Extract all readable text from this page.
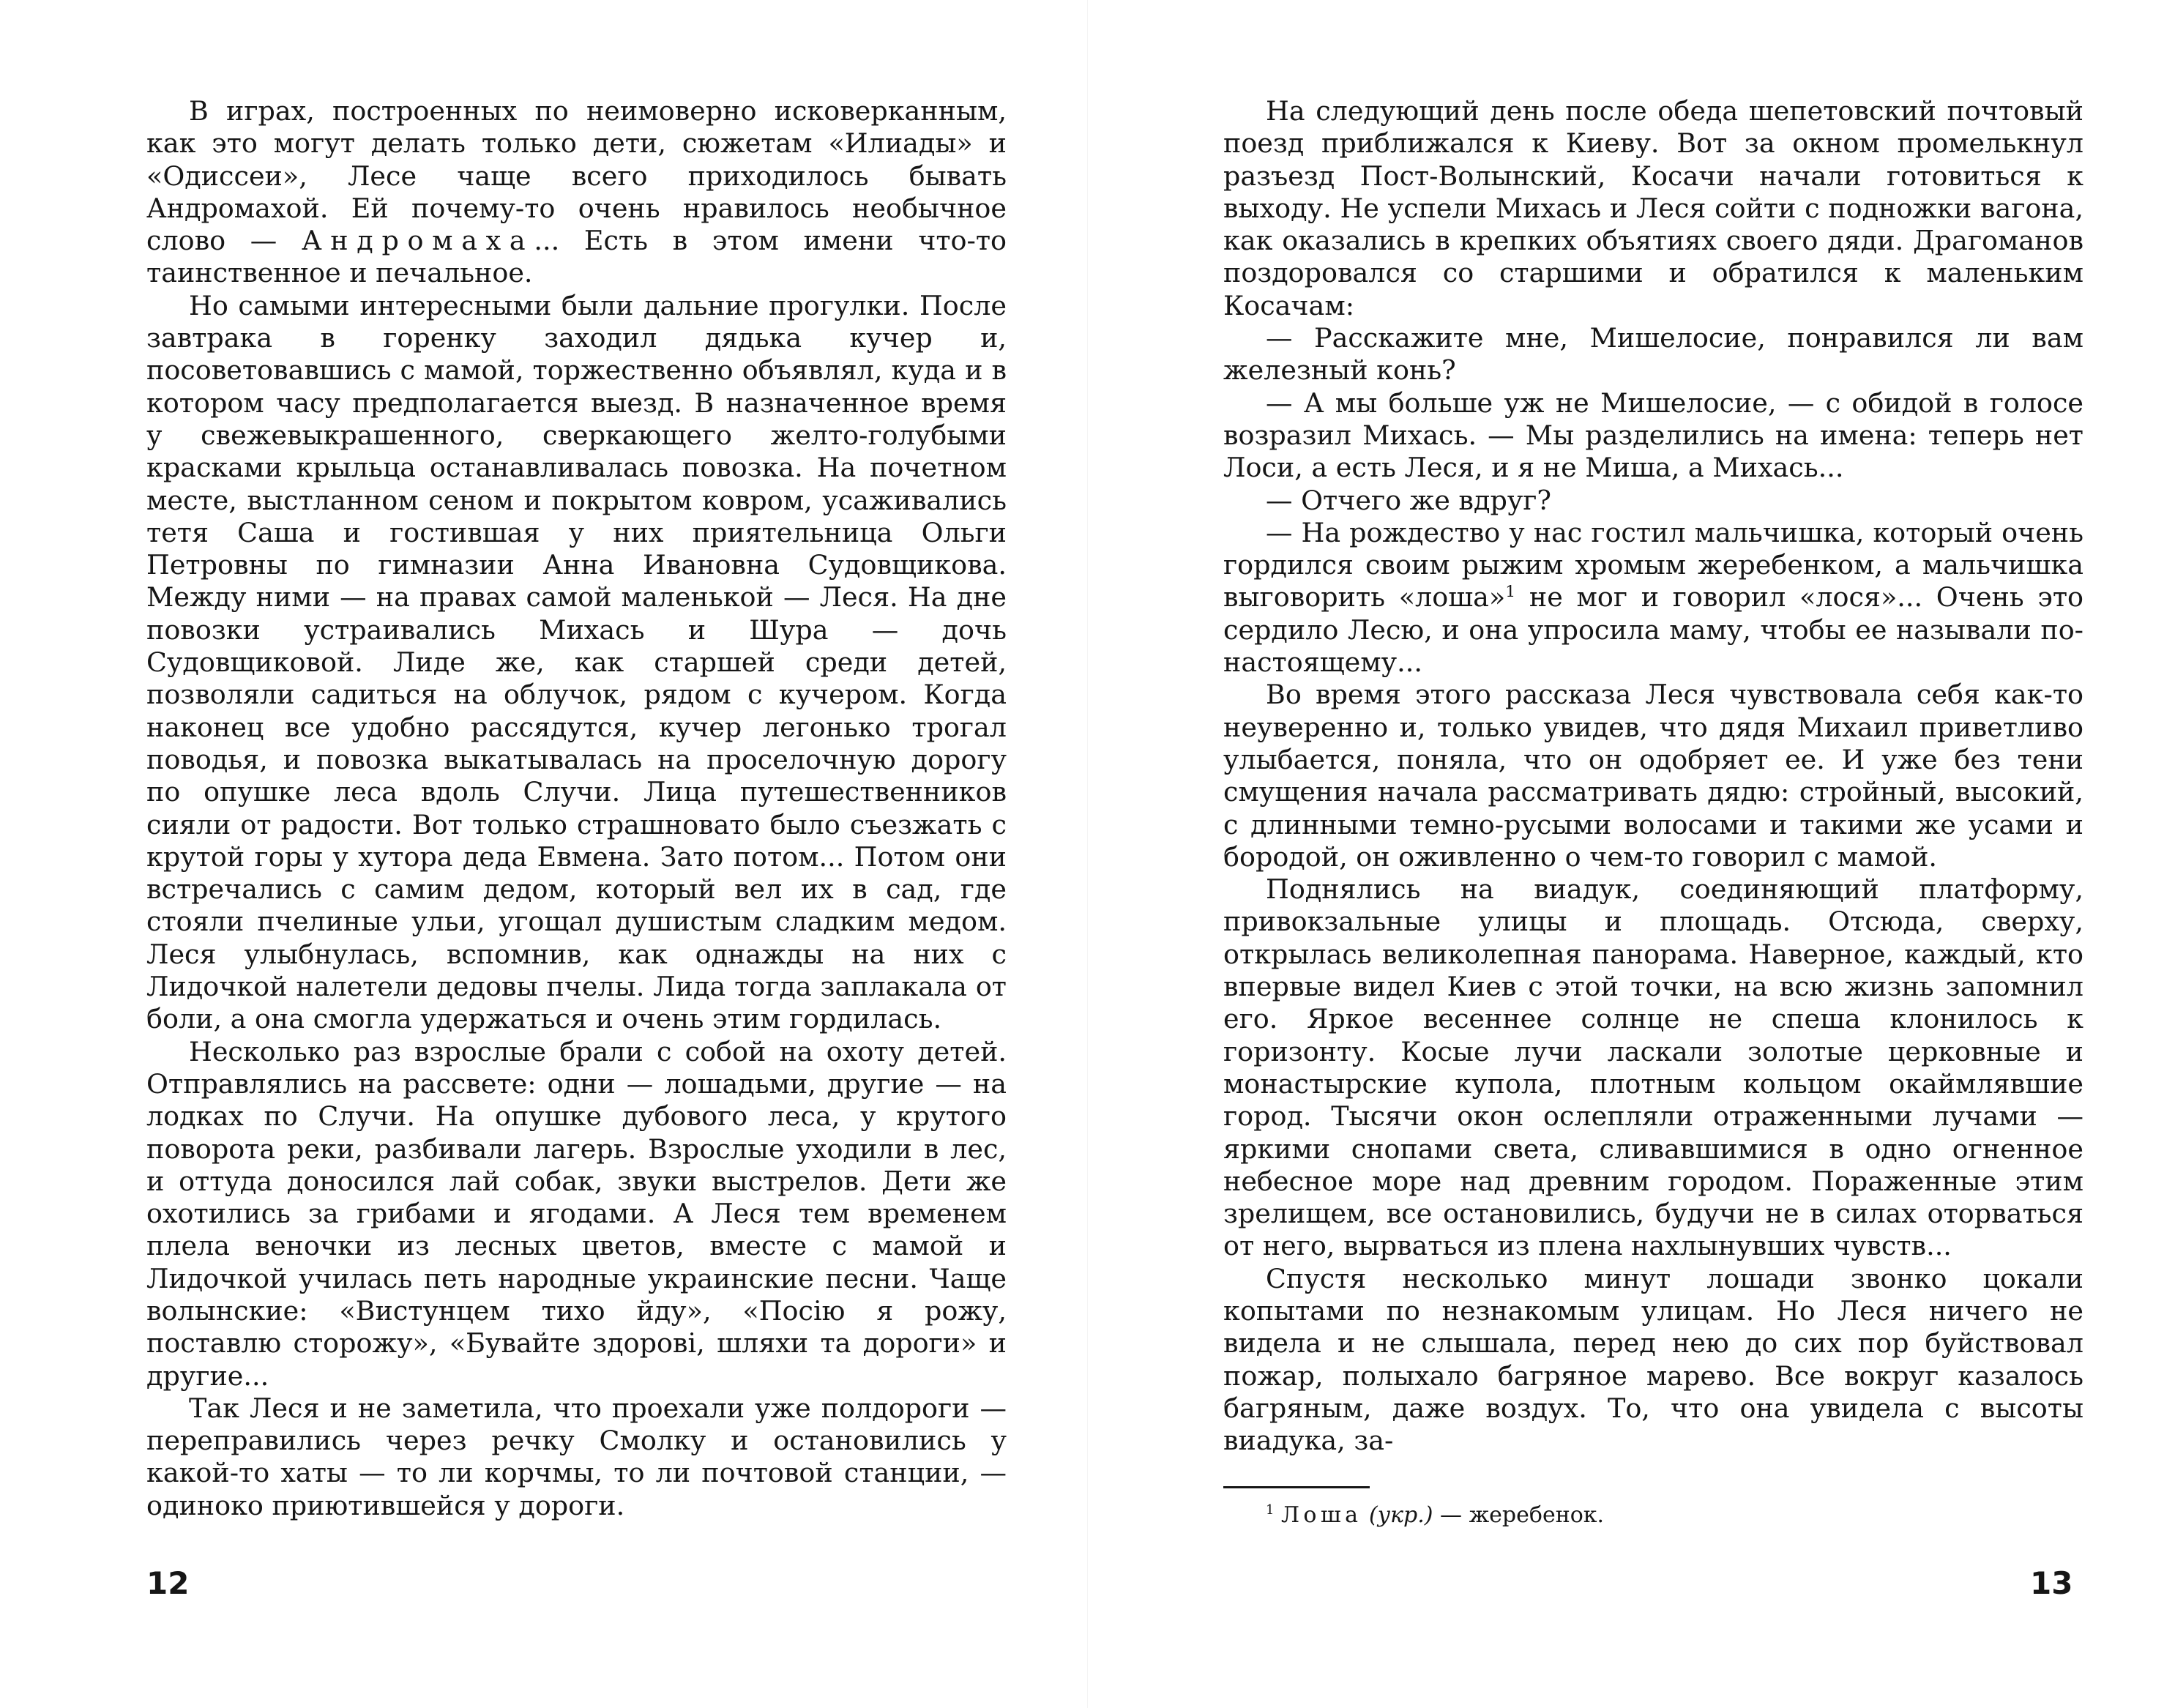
В играх, построенных по неимоверно исковерканным, как это могут делать только дети, сюжетам «Илиады» и «Одиссеи», Лесе чаще всего приходилось бывать Андромахой. Ей почему-то очень нравилось необычное слово — Андромаха... Есть в этом имени что-то таинственное и печальное.

Но самыми интересными были дальние прогулки. После завтрака в горенку заходил дядька кучер и, посоветовавшись с мамой, торжественно объявлял, куда и в котором часу предполагается выезд. В назначенное время у свежевыкрашенного, сверкающего желто-голубыми красками крыльца останавливалась повозка. На почетном месте, выстланном сеном и покрытом ковром, усаживались тетя Саша и гостившая у них приятельница Ольги Петровны по гимназии Анна Ивановна Судовщикова. Между ними — на правах самой маленькой — Леся. На дне повозки устраивались Михась и Шура — дочь Судовщиковой. Лиде же, как старшей среди детей, позволяли садиться на облучок, рядом с кучером. Когда наконец все удобно рассядутся, кучер легонько трогал поводья, и повозка выкатывалась на проселочную дорогу по опушке леса вдоль Случи. Лица путешественников сияли от радости. Вот только страшновато было съезжать с крутой горы у хутора деда Евмена. Зато потом... Потом они встречались с самим дедом, который вел их в сад, где стояли пчелиные ульи, угощал душистым сладким медом. Леся улыбнулась, вспомнив, как однажды на них с Лидочкой налетели дедовы пчелы. Лида тогда заплакала от боли, а она смогла удержаться и очень этим гордилась.

Несколько раз взрослые брали с собой на охоту детей. Отправлялись на рассвете: одни — лошадьми, другие — на лодках по Случи. На опушке дубового леса, у крутого поворота реки, разбивали лагерь. Взрослые уходили в лес, и оттуда доносился лай собак, звуки выстрелов. Дети же охотились за грибами и ягодами. А Леся тем временем плела веночки из лесных цветов, вместе с мамой и Лидочкой училась петь народные украинские песни. Чаще волынские: «Вистунцем тихо йду», «Посію я рожу, поставлю сторожу», «Бувайте здорові, шляхи та дороги» и другие...

Так Леся и не заметила, что проехали уже полдороги — переправились через речку Смолку и остановились у какой-то хаты — то ли корчмы, то ли почтовой станции, — одиноко приютившейся у дороги.

12

На следующий день после обеда шепетовский почтовый поезд приближался к Киеву. Вот за окном промелькнул разъезд Пост-Волынский, Косачи начали готовиться к выходу. Не успели Михась и Леся сойти с подножки вагона, как оказались в крепких объятиях своего дяди. Драгоманов поздоровался со старшими и обратился к маленьким Косачам:

— Расскажите мне, Мишелосие, понравился ли вам железный конь?

— А мы больше уж не Мишелосие, — с обидой в голосе возразил Михась. — Мы разделились на имена: теперь нет Лоси, а есть Леся, и я не Миша, а Михась...

— Отчего же вдруг?

— На рождество у нас гостил мальчишка, который очень гордился своим рыжим хромым жеребенком, а мальчишка выговорить «лоша»$^1$ не мог и говорил «лося»... Очень это сердило Лесю, и она упросила маму, чтобы ее называли по-настоящему...

Во время этого рассказа Леся чувствовала себя как-то неуверенно и, только увидев, что дядя Михаил приветливо улыбается, поняла, что он одобряет ее. И уже без тени смущения начала рассматривать дядю: стройный, высокий, с длинными темно-русыми волосами и такими же усами и бородой, он оживленно о чем-то говорил с мамой.

Поднялись на виадук, соединяющий платформу, привокзальные улицы и площадь. Отсюда, сверху, открылась великолепная панорама. Наверное, каждый, кто впервые видел Киев с этой точки, на всю жизнь запомнил его. Яркое весеннее солнце не спеша клонилось к горизонту. Косые лучи ласкали золотые церковные и монастырские купола, плотным кольцом окаймлявшие город. Тысячи окон ослепляли отраженными лучами — яркими снопами света, сливавшимися в одно огненное небесное море над древним городом. Пораженные этим зрелищем, все остановились, будучи не в силах оторваться от него, вырваться из плена нахлынувших чувств...

Спустя несколько минут лошади звонко цокали копытами по незнакомым улицам. Но Леся ничего не видела и не слышала, перед нею до сих пор буйствовал пожар, полыхало багряное марево. Все вокруг казалось багряным, даже воздух. То, что она увидела с высоты виадука, за-

$^1$ Лоша (укр.) — жеребенок.
13
